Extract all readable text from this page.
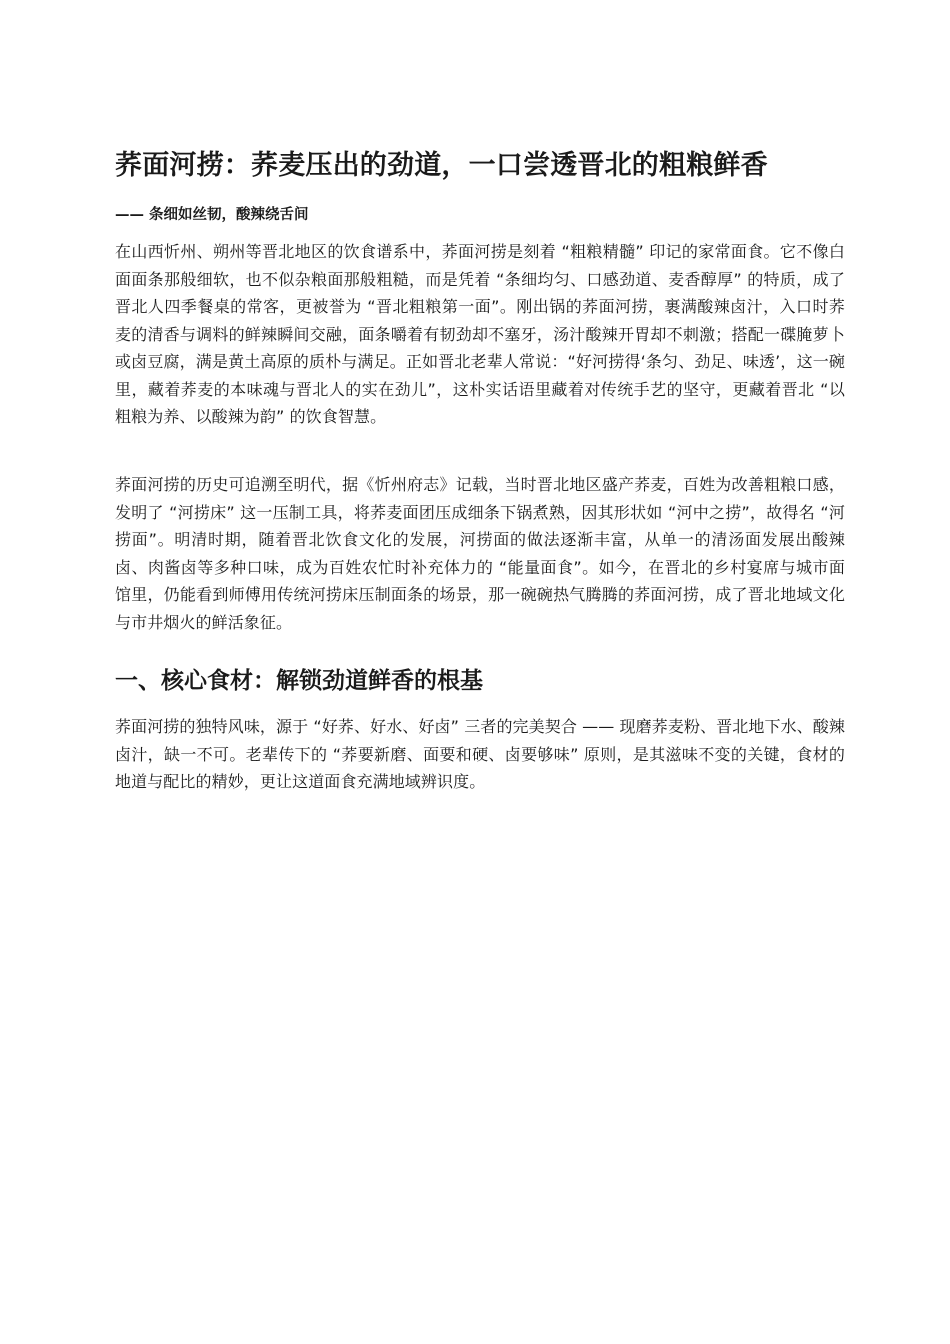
荞面河捞：荞麦压出的劲道，一口尝透晋北的粗粮鲜香

—— 条细如丝韧，酸辣绕舌间

在山西忻州、朔州等晋北地区的饮食谱系中，荞面河捞是刻着 “粗粮精髓” 印记的家常面食。它不像白面面条那般细软，也不似杂粮面那般粗糙，而是凭着 “条细均匀、口感劲道、麦香醇厚” 的特质，成了晋北人四季餐桌的常客，更被誉为 “晋北粗粮第一面”。刚出锅的荞面河捞，裹满酸辣卤汁，入口时荞麦的清香与调料的鲜辣瞬间交融，面条嚼着有韧劲却不塞牙，汤汁酸辣开胃却不刺激；搭配一碟腌萝卜或卤豆腐，满是黄土高原的质朴与满足。正如晋北老辈人常说：“好河捞得‘条匀、劲足、味透’，这一碗里，藏着荞麦的本味魂与晋北人的实在劲儿”，这朴实话语里藏着对传统手艺的坚守，更藏着晋北 “以粗粮为养、以酸辣为韵” 的饮食智慧。

荞面河捞的历史可追溯至明代，据《忻州府志》记载，当时晋北地区盛产荞麦，百姓为改善粗粮口感，发明了 “河捞床” 这一压制工具，将荞麦面团压成细条下锅煮熟，因其形状如 “河中之捞”，故得名 “河捞面”。明清时期，随着晋北饮食文化的发展，河捞面的做法逐渐丰富，从单一的清汤面发展出酸辣卤、肉酱卤等多种口味，成为百姓农忙时补充体力的 “能量面食”。如今，在晋北的乡村宴席与城市面馆里，仍能看到师傅用传统河捞床压制面条的场景，那一碗碗热气腾腾的荞面河捞，成了晋北地域文化与市井烟火的鲜活象征。

一、核心食材：解锁劲道鲜香的根基

荞面河捞的独特风味，源于 “好荞、好水、好卤” 三者的完美契合 —— 现磨荞麦粉、晋北地下水、酸辣卤汁，缺一不可。老辈传下的 “荞要新磨、面要和硬、卤要够味” 原则，是其滋味不变的关键，食材的地道与配比的精妙，更让这道面食充满地域辨识度。
